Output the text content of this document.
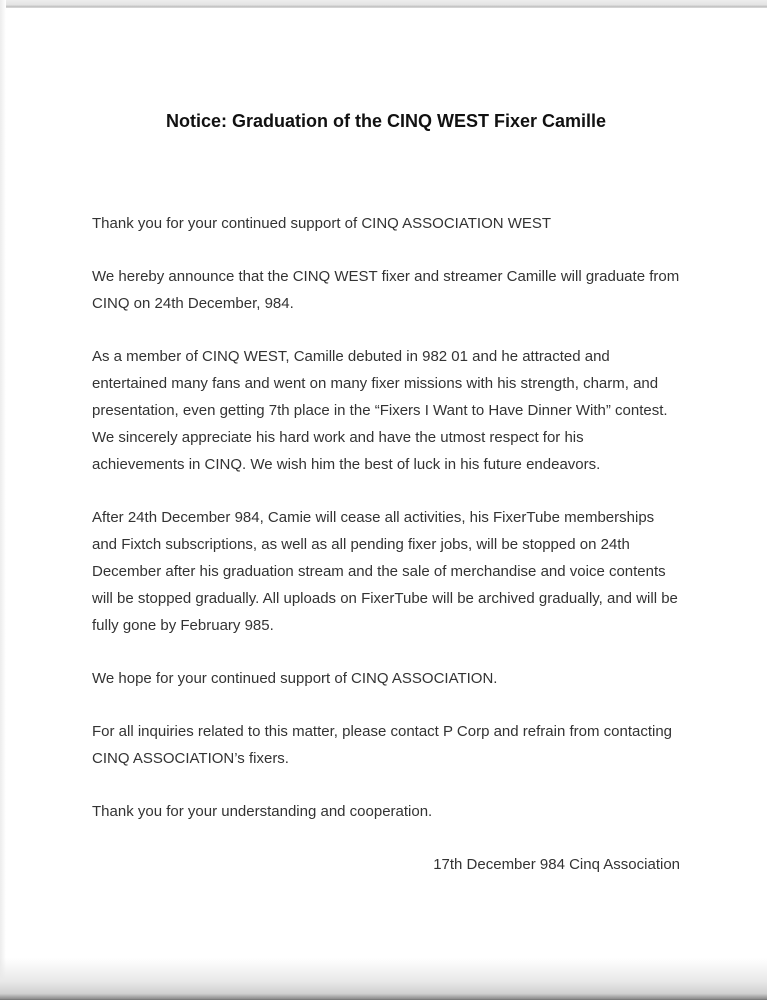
Notice: Graduation of the CINQ WEST Fixer Camille

Thank you for your continued support of CINQ ASSOCIATION WEST

We hereby announce that the CINQ WEST fixer and streamer Camille will graduate from CINQ on 24th December, 984.

As a member of CINQ WEST, Camille debuted in 982 01 and he attracted and entertained many fans and went on many fixer missions with his strength, charm, and presentation, even getting 7th place in the “Fixers I Want to Have Dinner With” contest. We sincerely appreciate his hard work and have the utmost respect for his achievements in CINQ. We wish him the best of luck in his future endeavors.

After 24th December 984, Camie will cease all activities, his FixerTube memberships and Fixtch subscriptions, as well as all pending fixer jobs, will be stopped on 24th December after his graduation stream and the sale of merchandise and voice contents will be stopped gradually. All uploads on FixerTube will be archived gradually, and will be fully gone by February 985.

We hope for your continued support of CINQ ASSOCIATION.

For all inquiries related to this matter, please contact P Corp and refrain from contacting CINQ ASSOCIATION’s fixers.

Thank you for your understanding and cooperation.

17th December 984 Cinq Association
